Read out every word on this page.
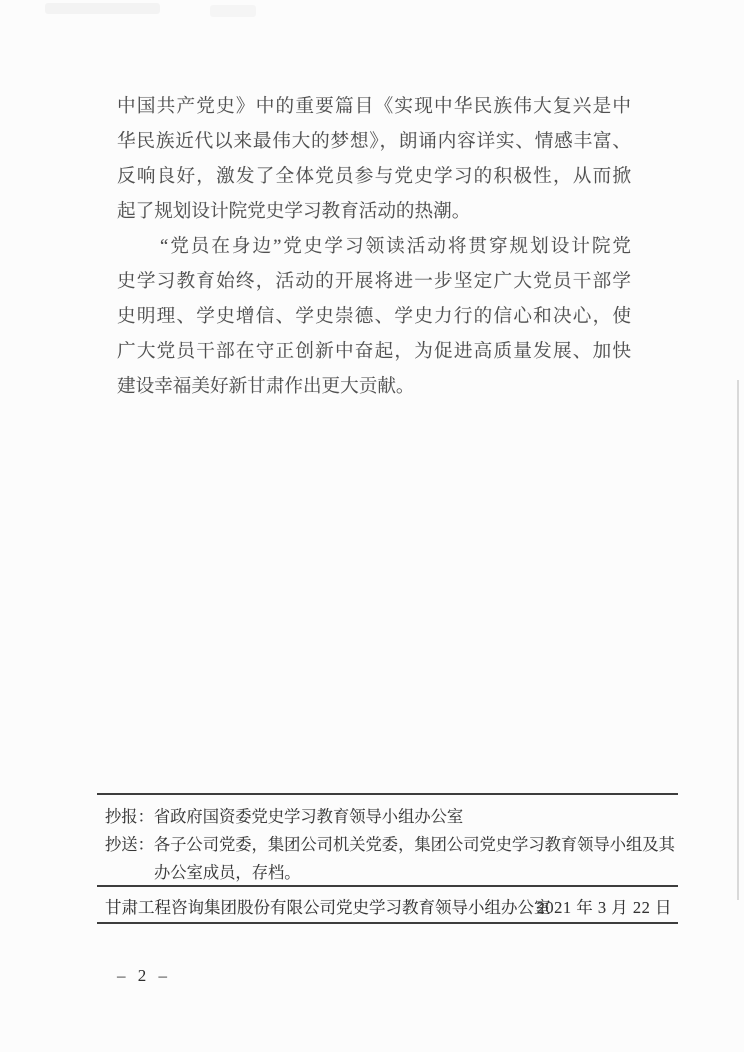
中国共产党史》中的重要篇目《实现中华民族伟大复兴是中
华民族近代以来最伟大的梦想》，朗诵内容详实、情感丰富、
反响良好，激发了全体党员参与党史学习的积极性，从而掀
起了规划设计院党史学习教育活动的热潮。
“党员在身边”党史学习领读活动将贯穿规划设计院党
史学习教育始终，活动的开展将进一步坚定广大党员干部学
史明理、学史增信、学史崇德、学史力行的信心和决心，使
广大党员干部在守正创新中奋起，为促进高质量发展、加快
建设幸福美好新甘肃作出更大贡献。
抄报：省政府国资委党史学习教育领导小组办公室
抄送：各子公司党委，集团公司机关党委，集团公司党史学习教育领导小组及其
办公室成员，存档。
甘肃工程咨询集团股份有限公司党史学习教育领导小组办公室
2021 年 3 月 22 日
– 2 –
